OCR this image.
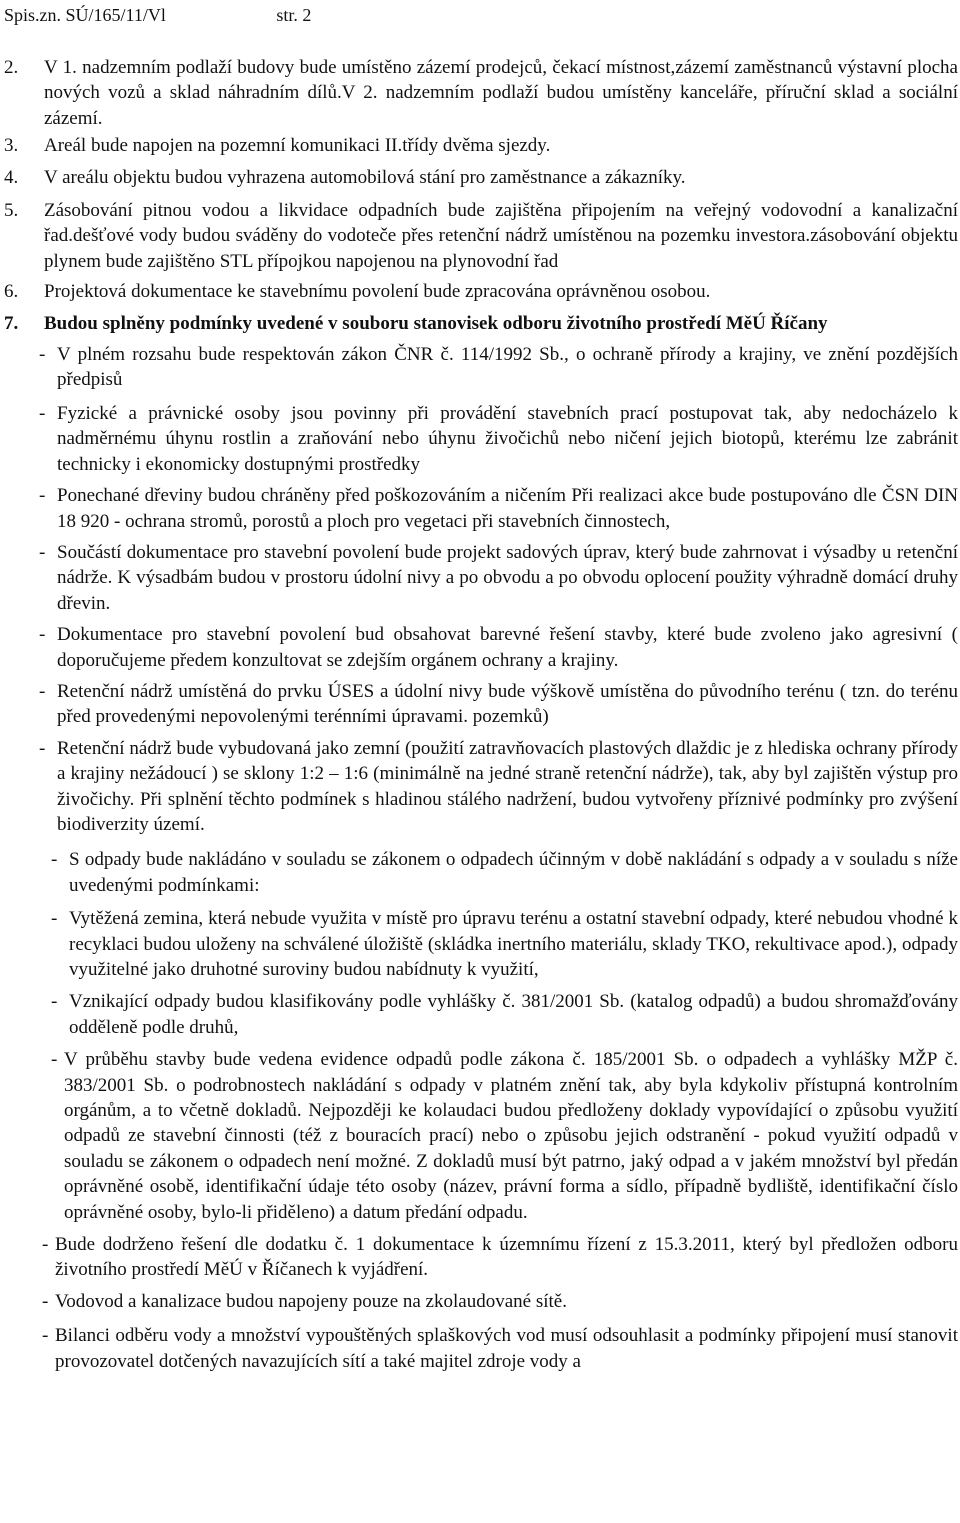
Spis.zn. SÚ/165/11/Vl	str. 2
2.	V 1. nadzemním podlaží budovy bude umístěno zázemí prodejců, čekací místnost,zázemí zaměstnanců výstavní plocha nových vozů a sklad náhradním dílů.V 2. nadzemním podlaží budou umístěny kanceláře, příruční sklad a sociální zázemí.
3.	Areál bude napojen na pozemní komunikaci II.třídy dvěma sjezdy.
4.	V areálu objektu budou vyhrazena automobilová stání pro zaměstnance a zákazníky.
5.	Zásobování pitnou vodou a likvidace odpadních bude zajištěna připojením na veřejný vodovodní a kanalizační řad.dešťové vody budou sváděny do vodoteče přes retenční nádrž umístěnou na pozemku investora.zásobování objektu plynem bude zajištěno STL přípojkou napojenou na plynovodní řad
6.	Projektová dokumentace ke stavebnímu povolení bude zpracována oprávněnou osobou.
7.	Budou splněny podmínky uvedené v souboru stanovisek odboru životního prostředí MěÚ Říčany
- V plném rozsahu bude respektován zákon ČNR č. 114/1992 Sb., o ochraně přírody a krajiny, ve znění pozdějších předpisů
- Fyzické a právnické osoby jsou povinny při provádění stavebních prací postupovat tak, aby nedocházelo k nadměrnému úhynu rostlin a zraňování nebo úhynu živočichů nebo ničení jejich biotopů, kterému lze zabránit technicky i ekonomicky dostupnými prostředky
- Ponechané dřeviny budou chráněny před poškozováním a ničením Při realizaci akce bude postupováno dle ČSN DIN 18 920 - ochrana stromů, porostů a ploch pro vegetaci při stavebních činnostech,
- Součástí dokumentace pro stavební povolení bude projekt sadových úprav, který bude zahrnovat i výsadby u retenční nádrže. K výsadbám budou v prostoru údolní nivy a po obvodu a po obvodu oplocení použity výhradně domácí druhy dřevin.
- Dokumentace pro stavební povolení bud obsahovat barevné řešení stavby, které bude zvoleno jako agresivní ( doporučujeme předem konzultovat se zdejším orgánem ochrany a krajiny.
- Retenční nádrž umístěná do prvku ÚSES a údolní nivy bude výškově umístěna do původního terénu ( tzn. do terénu před provedenými nepovolenými terénními úpravami. pozemků)
- Retenční nádrž bude vybudovaná jako zemní (použití zatravňovacích plastových dlaždic je z hlediska ochrany přírody a krajiny nežádoucí ) se sklony 1:2 – 1:6 (minimálně na jedné straně retenční nádrže), tak, aby byl zajištěn výstup pro živočichy. Při splnění těchto podmínek s hladinou stálého nadržení, budou vytvořeny příznivé podmínky pro zvýšení biodiverzity území.
- S odpady bude nakládáno v souladu se zákonem o odpadech účinným v době nakládání s odpady a v souladu s níže uvedenými podmínkami:
- Vytěžená zemina, která nebude využita v místě pro úpravu terénu a ostatní stavební odpady, které nebudou vhodné k recyklaci budou uloženy na schválené úložiště (skládka inertního materiálu, sklady TKO, rekultivace apod.), odpady využitelné jako druhotné suroviny budou nabídnuty k využití,
- Vznikající odpady budou klasifikovány podle vyhlášky č. 381/2001 Sb. (katalog odpadů) a budou shromažďovány odděleně podle druhů,
- V průběhu stavby bude vedena evidence odpadů podle zákona č. 185/2001 Sb. o odpadech a vyhlášky MŽP č. 383/2001 Sb. o podrobnostech nakládání s odpady v platném znění tak, aby byla kdykoliv přístupná kontrolním orgánům, a to včetně dokladů. Nejpozději ke kolaudaci budou předloženy doklady vypovídající o způsobu využití odpadů ze stavební činnosti (též z bouracích prací) nebo o způsobu jejich odstranění - pokud využití odpadů v souladu se zákonem o odpadech není možné. Z dokladů musí být patrno, jaký odpad a v jakém množství byl předán oprávněné osobě, identifikační údaje této osoby (název, právní forma a sídlo, případně bydliště, identifikační číslo oprávněné osoby, bylo-li přiděleno) a datum předání odpadu.
- Bude dodrženo řešení dle dodatku č. 1 dokumentace k územnímu řízení z 15.3.2011, který byl předložen odboru životního prostředí MěÚ v Říčanech k vyjádření.
- Vodovod a kanalizace budou napojeny pouze na zkolaudované sítě.
- Bilanci odběru vody a množství vypouštěných splaškových vod musí odsouhlasit a podmínky připojení musí stanovit provozovatel dotčených navazujících sítí a také majitel zdroje vody a
